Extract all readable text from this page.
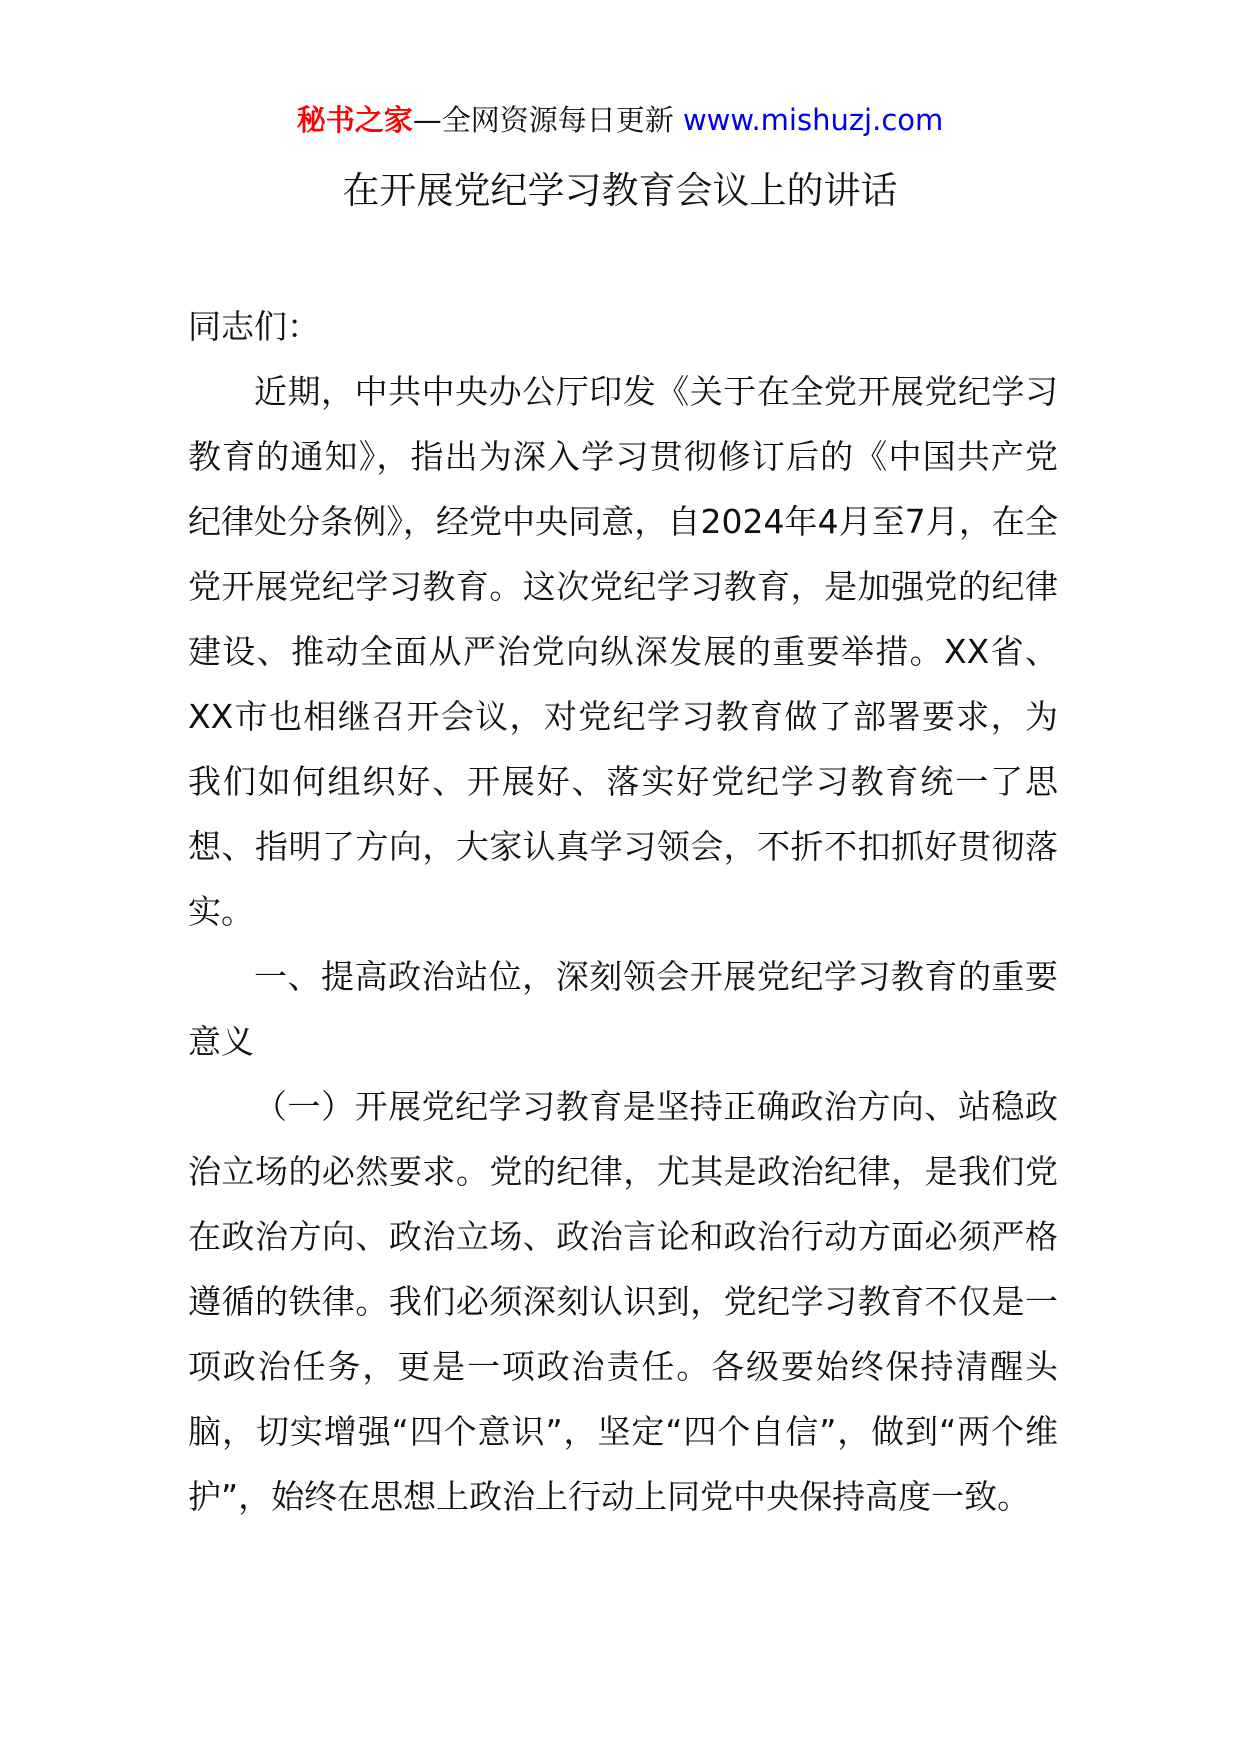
秘书之家—全网资源每日更新 www.mishuzj.com
在开展党纪学习教育会议上的讲话

同志们：

近期，中共中央办公厅印发《关于在全党开展党纪学习教育的通知》，指出为深入学习贯彻修订后的《中国共产党纪律处分条例》，经党中央同意，自2024年4月至7月，在全党开展党纪学习教育。这次党纪学习教育，是加强党的纪律建设、推动全面从严治党向纵深发展的重要举措。XX省、XX市也相继召开会议，对党纪学习教育做了部署要求，为我们如何组织好、开展好、落实好党纪学习教育统一了思想、指明了方向，大家认真学习领会，不折不扣抓好贯彻落实。

一、提高政治站位，深刻领会开展党纪学习教育的重要意义

（一）开展党纪学习教育是坚持正确政治方向、站稳政治立场的必然要求。党的纪律，尤其是政治纪律，是我们党在政治方向、政治立场、政治言论和政治行动方面必须严格遵循的铁律。我们必须深刻认识到，党纪学习教育不仅是一项政治任务，更是一项政治责任。各级要始终保持清醒头脑，切实增强“四个意识”，坚定“四个自信”，做到“两个维护”，始终在思想上政治上行动上同党中央保持高度一致。
